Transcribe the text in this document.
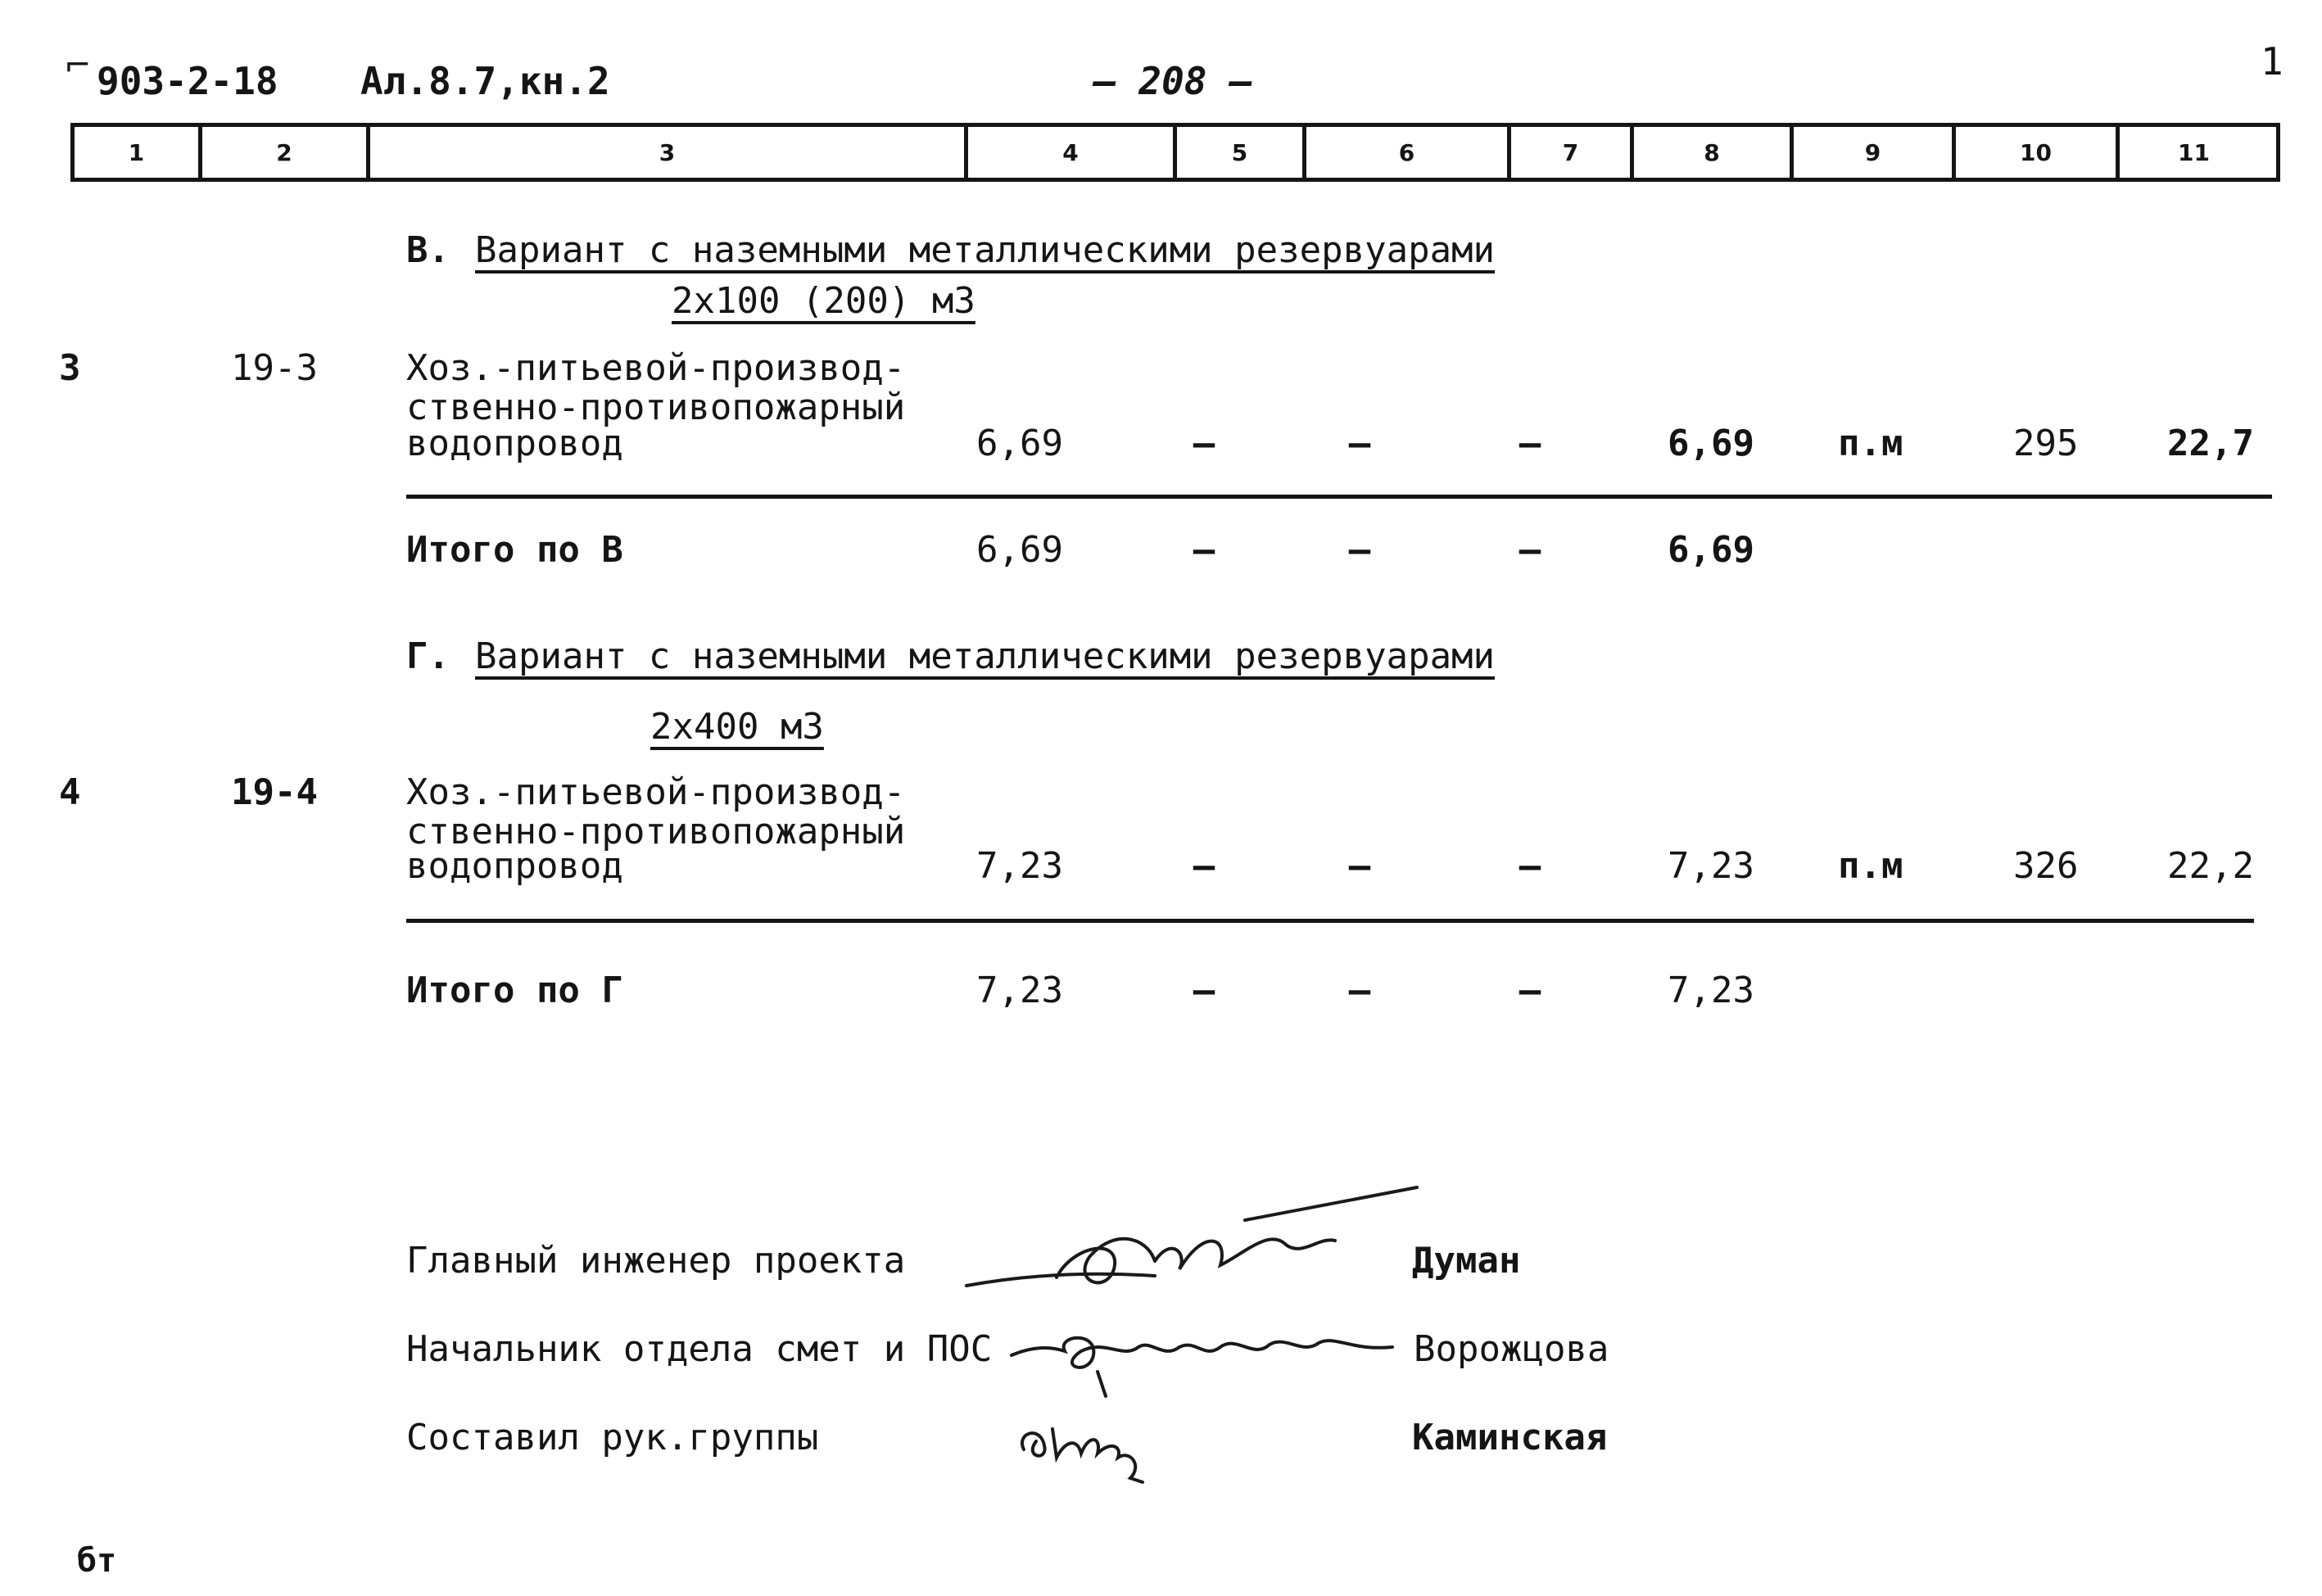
⌐ 903-2-18 Ал.8.7,кн.2	— 208 —	1
1	2	3	4	5	6	7	8	9	10	11
В. Вариант с наземными металлическими резервуарами
2x100 (200) м3
3	19-3 Хоз.-питьевой-производ-
ственно-противопожарный
водопровод	6,69	–	–	–	6,69 п.м	295	22,7
Итого по В	6,69	–	–	–	6,69
Г. Вариант с наземными металлическими резервуарами
2x400 м3
4	19-4 Хоз.-питьевой-производ-
ственно-противопожарный
водопровод	7,23	–	–	–	7,23 п.м	326	22,2
Итого по Г	7,23	–	–	–	7,23
Главный инженер проекта	Думан
Начальник отдела смет и ПОС	Ворожцова
Составил рук.группы	Каминская
бт
